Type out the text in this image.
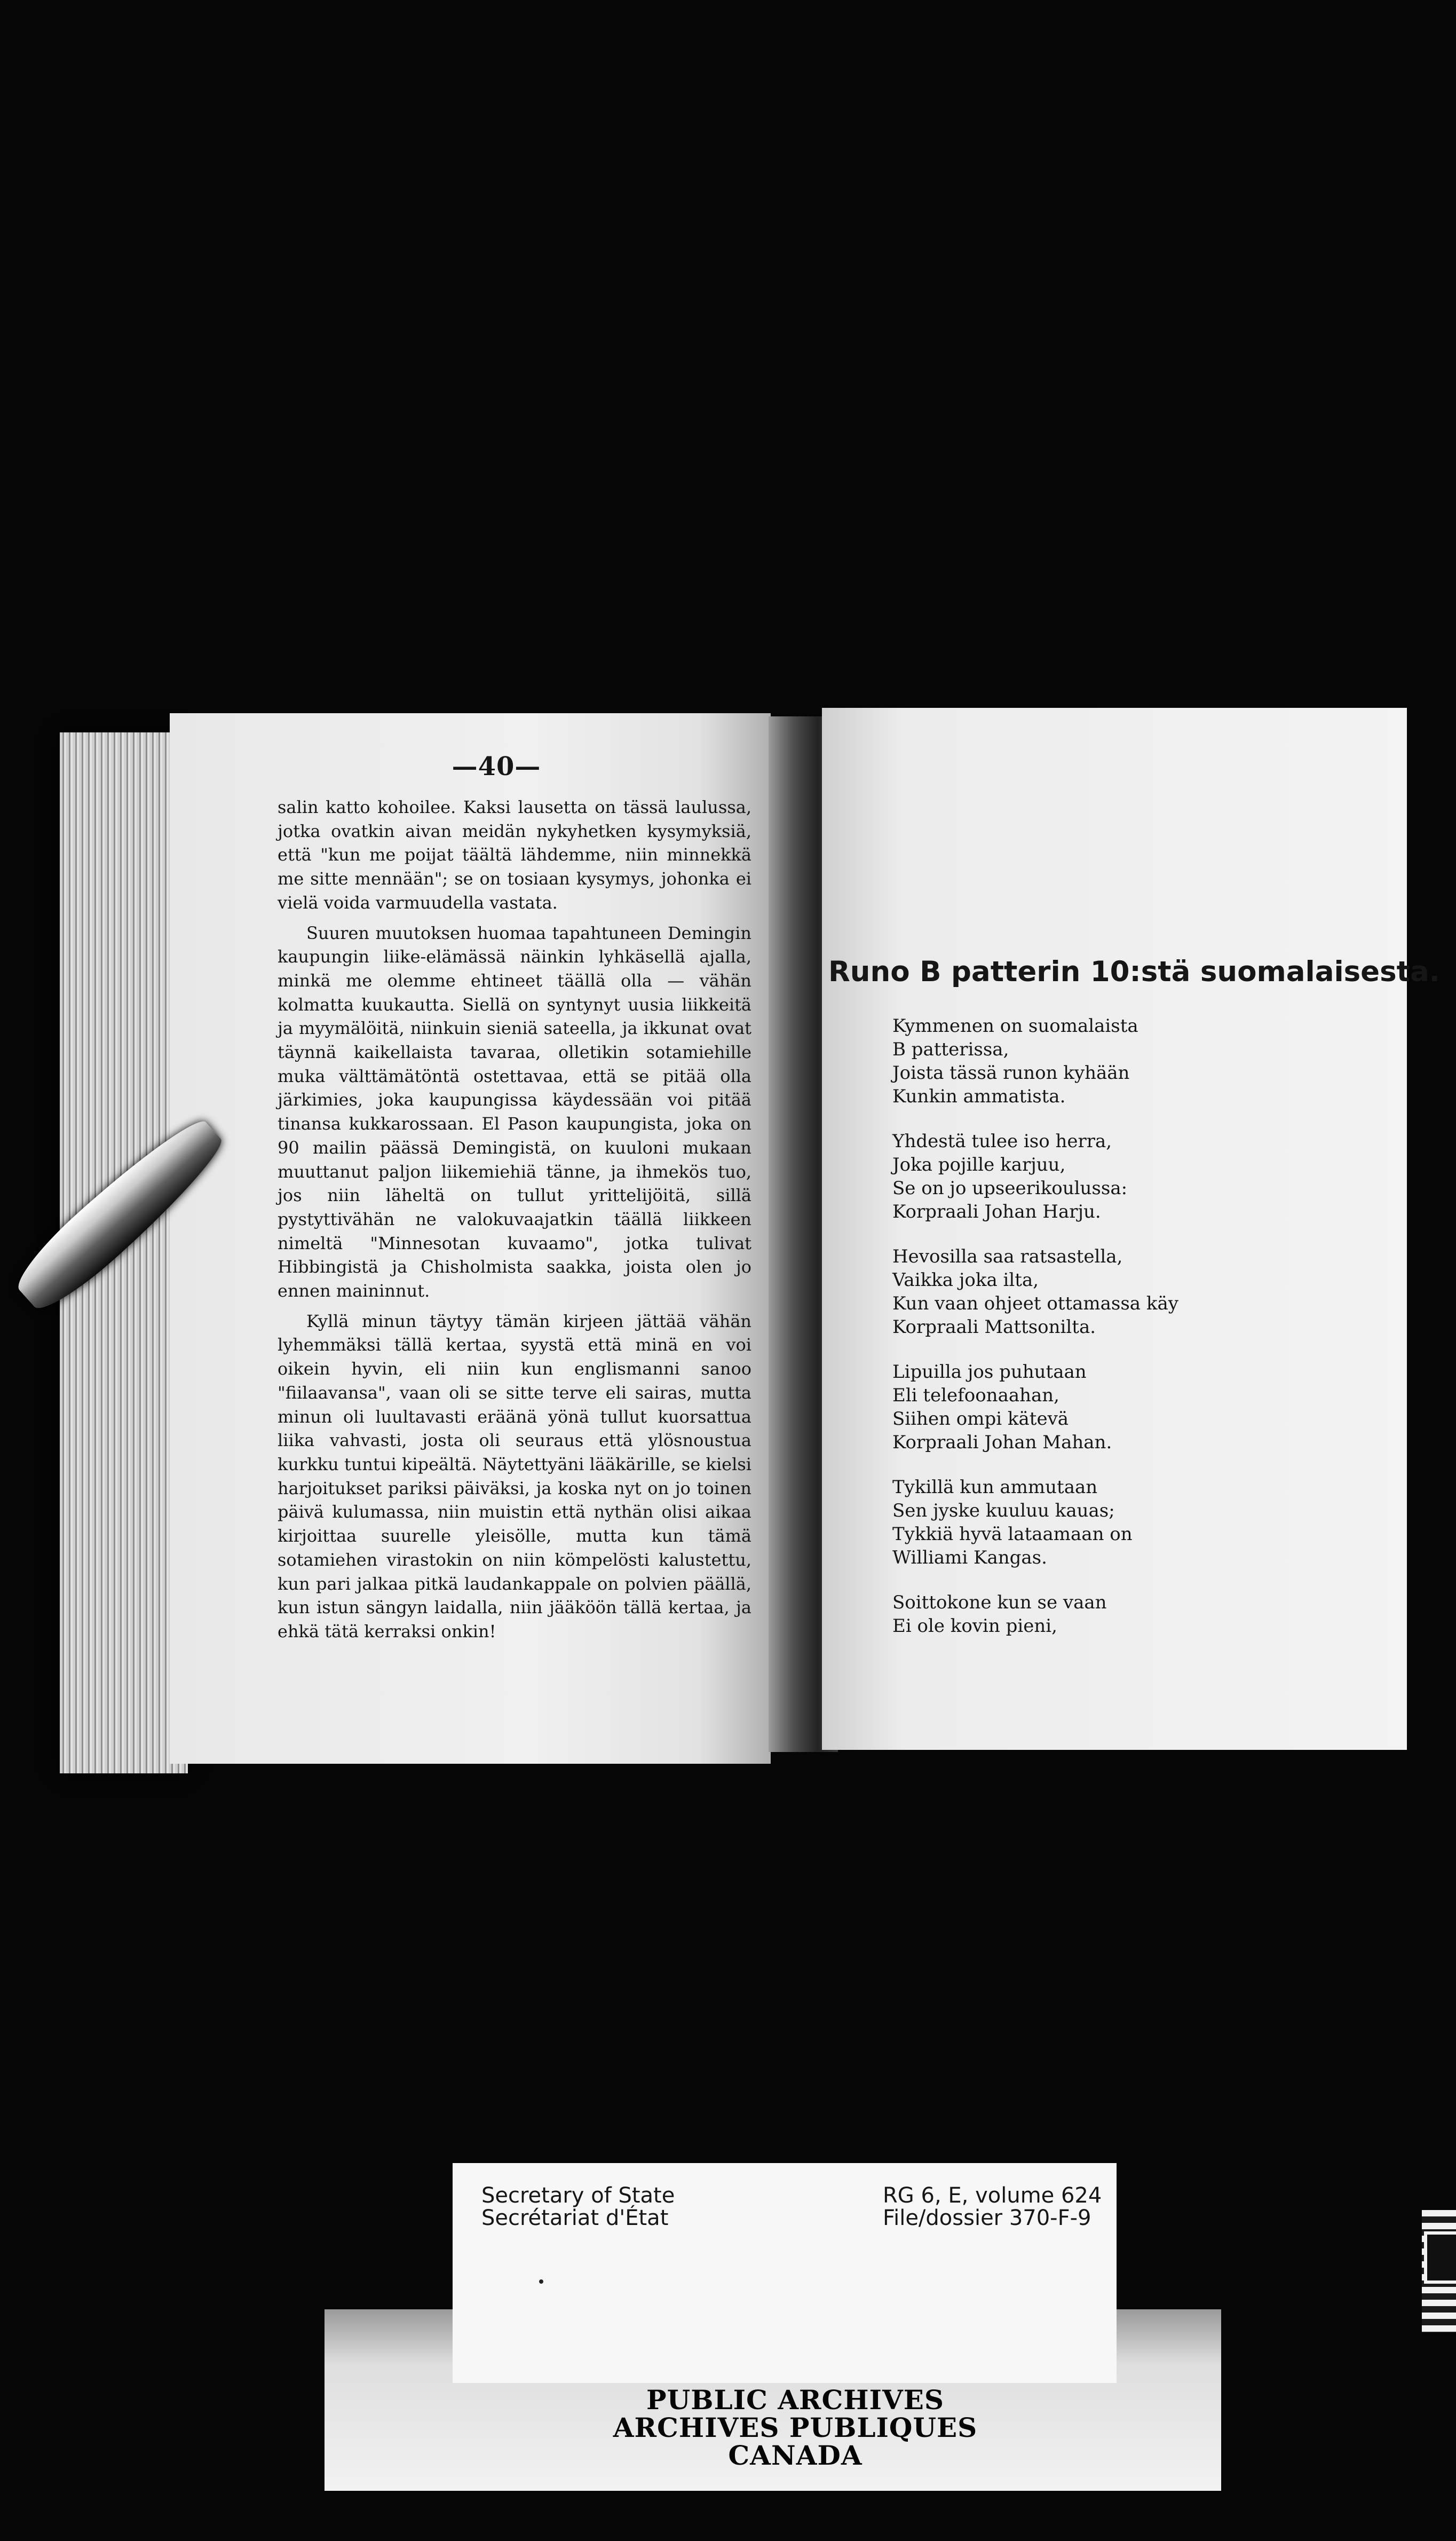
—40—

salin katto kohoilee. Kaksi lausetta on tässä laulussa, jotka ovatkin aivan meidän nykyhetken kysymyksiä, että "kun me poijat täältä lähdemme, niin minnekkä me sitte mennään"; se on tosiaan kysymys, johonka ei vielä voida varmuudella vastata.

Suuren muutoksen huomaa tapahtuneen Demingin kaupungin liike-elämässä näinkin lyhkäsellä ajalla, minkä me olemme ehtineet täällä olla — vähän kolmatta kuukautta. Siellä on syntynyt uusia liikkeitä ja myymälöitä, niinkuin sieniä sateella, ja ikkunat ovat täynnä kaikellaista tavaraa, olletikin sotamiehille muka välttämätöntä ostettavaa, että se pitää olla järkimies, joka kaupungissa käydessään voi pitää tinansa kukkarossaan. El Pason kaupungista, joka on 90 mailin päässä Demingistä, on kuuloni mukaan muuttanut paljon liikemiehiä tänne, ja ihmekös tuo, jos niin läheltä on tullut yrittelijöitä, sillä pystyttivähän ne valokuvaajatkin täällä liikkeen nimeltä "Minnesotan kuvaamo", jotka tulivat Hibbingistä ja Chisholmista saakka, joista olen jo ennen maininnut.

Kyllä minun täytyy tämän kirjeen jättää vähän lyhemmäksi tällä kertaa, syystä että minä en voi oikein hyvin, eli niin kun englismanni sanoo "fiilaavansa", vaan oli se sitte terve eli sairas, mutta minun oli luultavasti eräänä yönä tullut kuorsattua liika vahvasti, josta oli seuraus että ylösnoustua kurkku tuntui kipeältä. Näytettyäni lääkärille, se kielsi harjoitukset pariksi päiväksi, ja koska nyt on jo toinen päivä kulumassa, niin muistin että nythän olisi aikaa kirjoittaa suurelle yleisölle, mutta kun tämä sotamiehen virastokin on niin kömpelösti kalustettu, kun pari jalkaa pitkä laudankappale on polvien päällä, kun istun sängyn laidalla, niin jääköön tällä kertaa, ja ehkä tätä kerraksi onkin!

Runo B patterin 10:stä suomalaisesta.
Kymmenen on suomalaista
B patterissa,
Joista tässä runon kyhään
Kunkin ammatista.
Yhdestä tulee iso herra,
Joka pojille karjuu,
Se on jo upseerikoulussa:
Korpraali Johan Harju.
Hevosilla saa ratsastella,
Vaikka joka ilta,
Kun vaan ohjeet ottamassa käy
Korpraali Mattsonilta.
Lipuilla jos puhutaan
Eli telefoonaahan,
Siihen ompi kätevä
Korpraali Johan Mahan.
Tykillä kun ammutaan
Sen jyske kuuluu kauas;
Tykkiä hyvä lataamaan on
Williami Kangas.
Soittokone kun se vaan
Ei ole kovin pieni,
Secretary of State
Secrétariat d'État
RG 6, E, volume 624
File/dossier 370-F-9
PUBLIC ARCHIVES
ARCHIVES PUBLIQUES
CANADA
